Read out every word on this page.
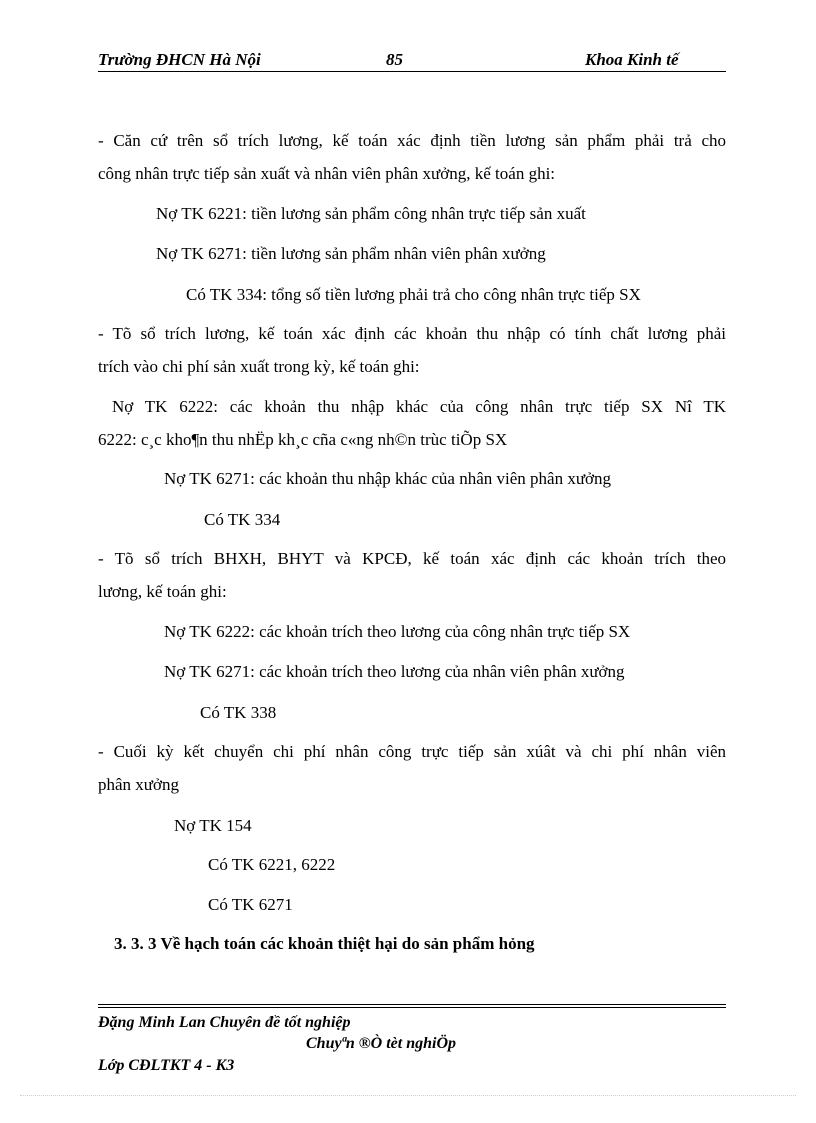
Trường ĐHCN Hà Nội	85	Khoa Kinh tế
- Căn cứ trên sổ trích lương, kế toán xác định tiền lương sản phẩm phải trả cho
công nhân trực tiếp sản xuất và nhân viên phân xưởng, kế toán ghi:
Nợ TK 6221: tiền lương sản phẩm công nhân trực tiếp sản xuất
Nợ TK 6271: tiền lương sản phẩm nhân viên phân xưởng
Có TK 334: tổng số tiền lương phải trả cho công nhân trực tiếp SX
- Tõ sổ trích lương, kế toán xác định các khoản thu nhập có tính chất lương phải
trích vào chi phí sản xuất trong kỳ, kế toán ghi:
Nợ TK 6222: các khoản thu nhập khác của công nhân trực tiếp SX Nî TK
6222: c¸c kho¶n thu nhËp kh¸c cña c«ng nh©n trùc tiÕp SX
Nợ TK 6271: các khoản thu nhập khác của nhân viên phân xưởng
Có TK 334
- Tõ sổ trích BHXH, BHYT và KPCĐ, kế toán xác định các khoản trích theo
lương, kế toán ghi:
Nợ TK 6222: các khoản trích theo lương của công nhân trực tiếp SX
Nợ TK 6271: các khoản trích theo lương của nhân viên phân xưởng
Có TK 338
- Cuối kỳ kết chuyển chi phí nhân công trực tiếp sản xúât và chi phí nhân viên
phân xưởng
Nợ TK 154
Có TK 6221, 6222
Có TK 6271
3. 3. 3 Về hạch toán các khoản thiệt hại do sản phẩm hỏng
Đặng Minh Lan Chuyên đề tốt nghiệp
Chuyªn ®Ò tèt nghiÖp
Lớp CĐLTKT 4 - K3
